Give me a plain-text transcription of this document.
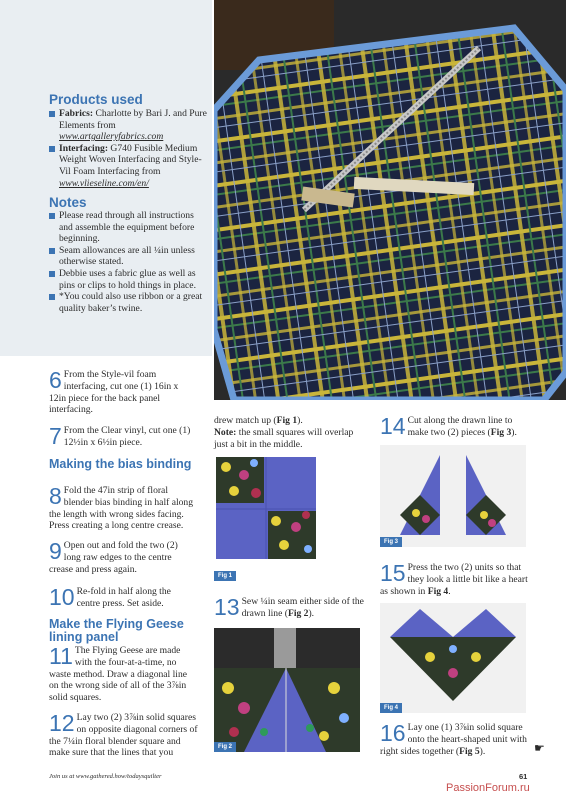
Products used
Fabrics: Charlotte by Bari J. and Pure Elements from
www.artgalleryfabrics.com
Interfacing: G740 Fusible Medium Weight Woven Interfacing and Style-Vil Foam Interfacing from www.vlieseline.com/en/
Notes
Please read through all instructions and assemble the equipment before beginning.
Seam allowances are all ¼in unless otherwise stated.
Debbie uses a fabric glue as well as pins or clips to hold things in place.
*You could also use ribbon or a great quality baker’s twine.
6 From the Style-vil foam interfacing, cut one (1) 16in x 12in piece for the back panel interfacing.
7 From the Clear vinyl, cut one (1) 12½in x 6½in piece.
Making the bias binding
8 Fold the 47in strip of floral blender bias binding in half along the length with wrong sides facing. Press creating a long centre crease.
9 Open out and fold the two (2) long raw edges to the centre crease and press again.
10 Re-fold in half along the centre press. Set aside.
Make the Flying Geese lining panel
11 The Flying Geese are made with the four-at-a-time, no waste method. Draw a diagonal line on the wrong side of all of the 3⅞in solid squares.
12 Lay two (2) 3⅞in solid squares on opposite diagonal corners of the 7¼in floral blender square and make sure that the lines that you
drew match up (Fig 1).
Note: the small squares will overlap just a bit in the middle.
Fig 1
13 Sew ¼in seam either side of the drawn line (Fig 2).
Fig 2
14 Cut along the drawn line to make two (2) pieces (Fig 3).
Fig 3
15 Press the two (2) units so that they look a little bit like a heart as shown in Fig 4.
Fig 4
16 Lay one (1) 3⅞in solid square onto the heart-shaped unit with right sides together (Fig 5).	☛
Join us at www.gathered.how/todaysquilter	61
PassionForum.ru
